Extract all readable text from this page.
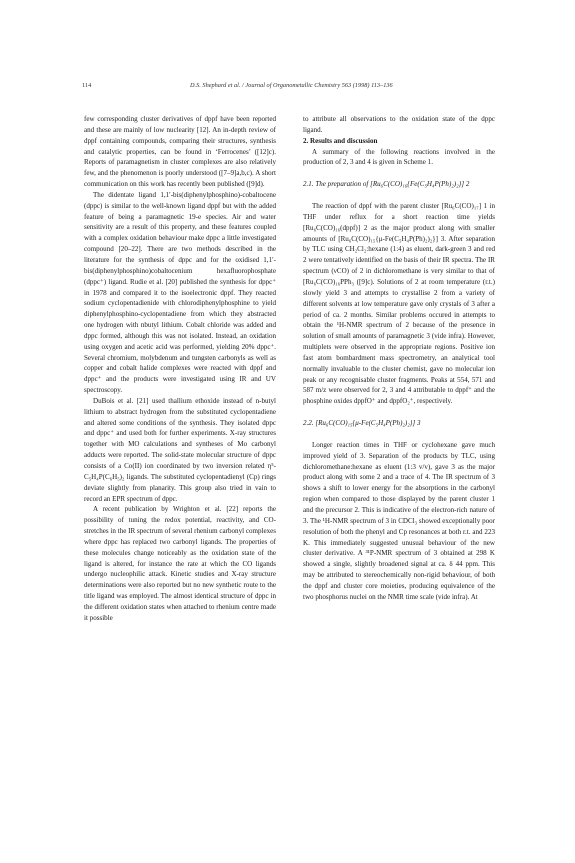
114	D.S. Shephard et al. / Journal of Organometallic Chemistry 563 (1998) 113–136

few corresponding cluster derivatives of dppf have been reported and these are mainly of low nuclearity [12]. An in-depth review of dppf containing compounds, comparing their structures, synthesis and catalytic properties, can be found in ‘Ferrocenes’ ([12]c). Reports of paramagnetism in cluster complexes are also relatively few, and the phenomenon is poorly understood ([7–9]a,b,c). A short communication on this work has recently been published ([9]d).

The didentate ligand 1,1′-bis(diphenylphosphino)-cobaltocene (dppc) is similar to the well-known ligand dppf but with the added feature of being a paramagnetic 19-e species. Air and water sensitivity are a result of this property, and these features coupled with a complex oxidation behaviour make dppc a little investigated compound [20–22]. There are two methods described in the literature for the synthesis of dppc and for the oxidised 1,1′-bis(diphenylphosphino)cobaltocenium hexafluorophosphate (dppc⁺) ligand. Rudie et al. [20] published the synthesis for dppc⁺ in 1978 and compared it to the isoelectronic dppf. They reacted sodium cyclopentadienide with chlorodiphenylphosphine to yield diphenylphosphino-cyclopentadiene from which they abstracted one hydrogen with nbutyl lithium. Cobalt chloride was added and dppc formed, although this was not isolated. Instead, an oxidation using oxygen and acetic acid was performed, yielding 20% dppc⁺. Several chromium, molybdenum and tungsten carbonyls as well as copper and cobalt halide complexes were reacted with dppf and dppc⁺ and the products were investigated using IR and UV spectroscopy.

DuBois et al. [21] used thallium ethoxide instead of n-butyl lithium to abstract hydrogen from the substituted cyclopentadiene and altered some conditions of the synthesis. They isolated dppc and dppc⁺ and used both for further experiments. X-ray structures together with MO calculations and syntheses of Mo carbonyl adducts were reported. The solid-state molecular structure of dppc consists of a Co(II) ion coordinated by two inversion related η⁵-C₅H₄P(C₆H₅)₂ ligands. The substituted cyclopentadienyl (Cp) rings deviate slightly from planarity. This group also tried in vain to record an EPR spectrum of dppc.

A recent publication by Wrighton et al. [22] reports the possibility of tuning the redox potential, reactivity, and CO-stretches in the IR spectrum of several rhenium carbonyl complexes where dppc has replaced two carbonyl ligands. The properties of these molecules change noticeably as the oxidation state of the ligand is altered, for instance the rate at which the CO ligands undergo nucleophilic attack. Kinetic studies and X-ray structure determinations were also reported but no new synthetic route to the title ligand was employed. The almost identical structure of dppc in the different oxidation states when attached to rhenium centre made it possible

to attribute all observations to the oxidation state of the dppc ligand.

2. Results and discussion

A summary of the following reactions involved in the production of 2, 3 and 4 is given in Scheme 1.

2.1. The preparation of [Ru₆C(CO)₁₆{Fe(C₅H₄P(Ph)₂)₂}] 2

The reaction of dppf with the parent cluster [Ru₆C(CO)₁₇] 1 in THF under reflux for a short reaction time yields [Ru₆C(CO)₁₆(dppf)] 2 as the major product along with smaller amounts of [Ru₆C(CO)₁₅{μ-Fe(C₅H₄P(Ph)₂)₂}] 3. After separation by TLC using CH₂Cl₂:hexane (1:4) as eluent, dark-green 3 and red 2 were tentatively identified on the basis of their IR spectra. The IR spectrum (νCO) of 2 in dichloromethane is very similar to that of [Ru₆C(CO)₁₆PPh₃ ([9]c). Solutions of 2 at room temperature (r.t.) slowly yield 3 and attempts to crystallise 2 from a variety of different solvents at low temperature gave only crystals of 3 after a period of ca. 2 months. Similar problems occured in attempts to obtain the ¹H-NMR spectrum of 2 because of the presence in solution of small amounts of paramagnetic 3 (vide infra). However, multiplets were observed in the appropriate regions. Positive ion fast atom bombardment mass spectrometry, an analytical tool normally invaluable to the cluster chemist, gave no molecular ion peak or any recognisable cluster fragments. Peaks at 554, 571 and 587 m/z were observed for 2, 3 and 4 attributable to dppf⁺ and the phosphine oxides dppfO⁺ and dppfO₂⁺, respectively.

2.2. [Ru₆C(CO)₁₅{μ-Fe(C₅H₄P(Ph)₂)₂}] 3

Longer reaction times in THF or cyclohexane gave much improved yield of 3. Separation of the products by TLC, using dichloromethane:hexane as eluent (1:3 v/v), gave 3 as the major product along with some 2 and a trace of 4. The IR spectrum of 3 shows a shift to lower energy for the absorptions in the carbonyl region when compared to those displayed by the parent cluster 1 and the precursor 2. This is indicative of the electron-rich nature of 3. The ¹H-NMR spectrum of 3 in CDCl₃ showed exceptionally poor resolution of both the phenyl and Cp resonances at both r.t. and 223 K. This immediately suggested unusual behaviour of the new cluster derivative. A ³¹P-NMR spectrum of 3 obtained at 298 K showed a single, slightly broadened signal at ca. δ 44 ppm. This may be attributed to stereochemically non-rigid behaviour, of both the dppf and cluster core moieties, producing equivalence of the two phosphorus nuclei on the NMR time scale (vide infra). At
